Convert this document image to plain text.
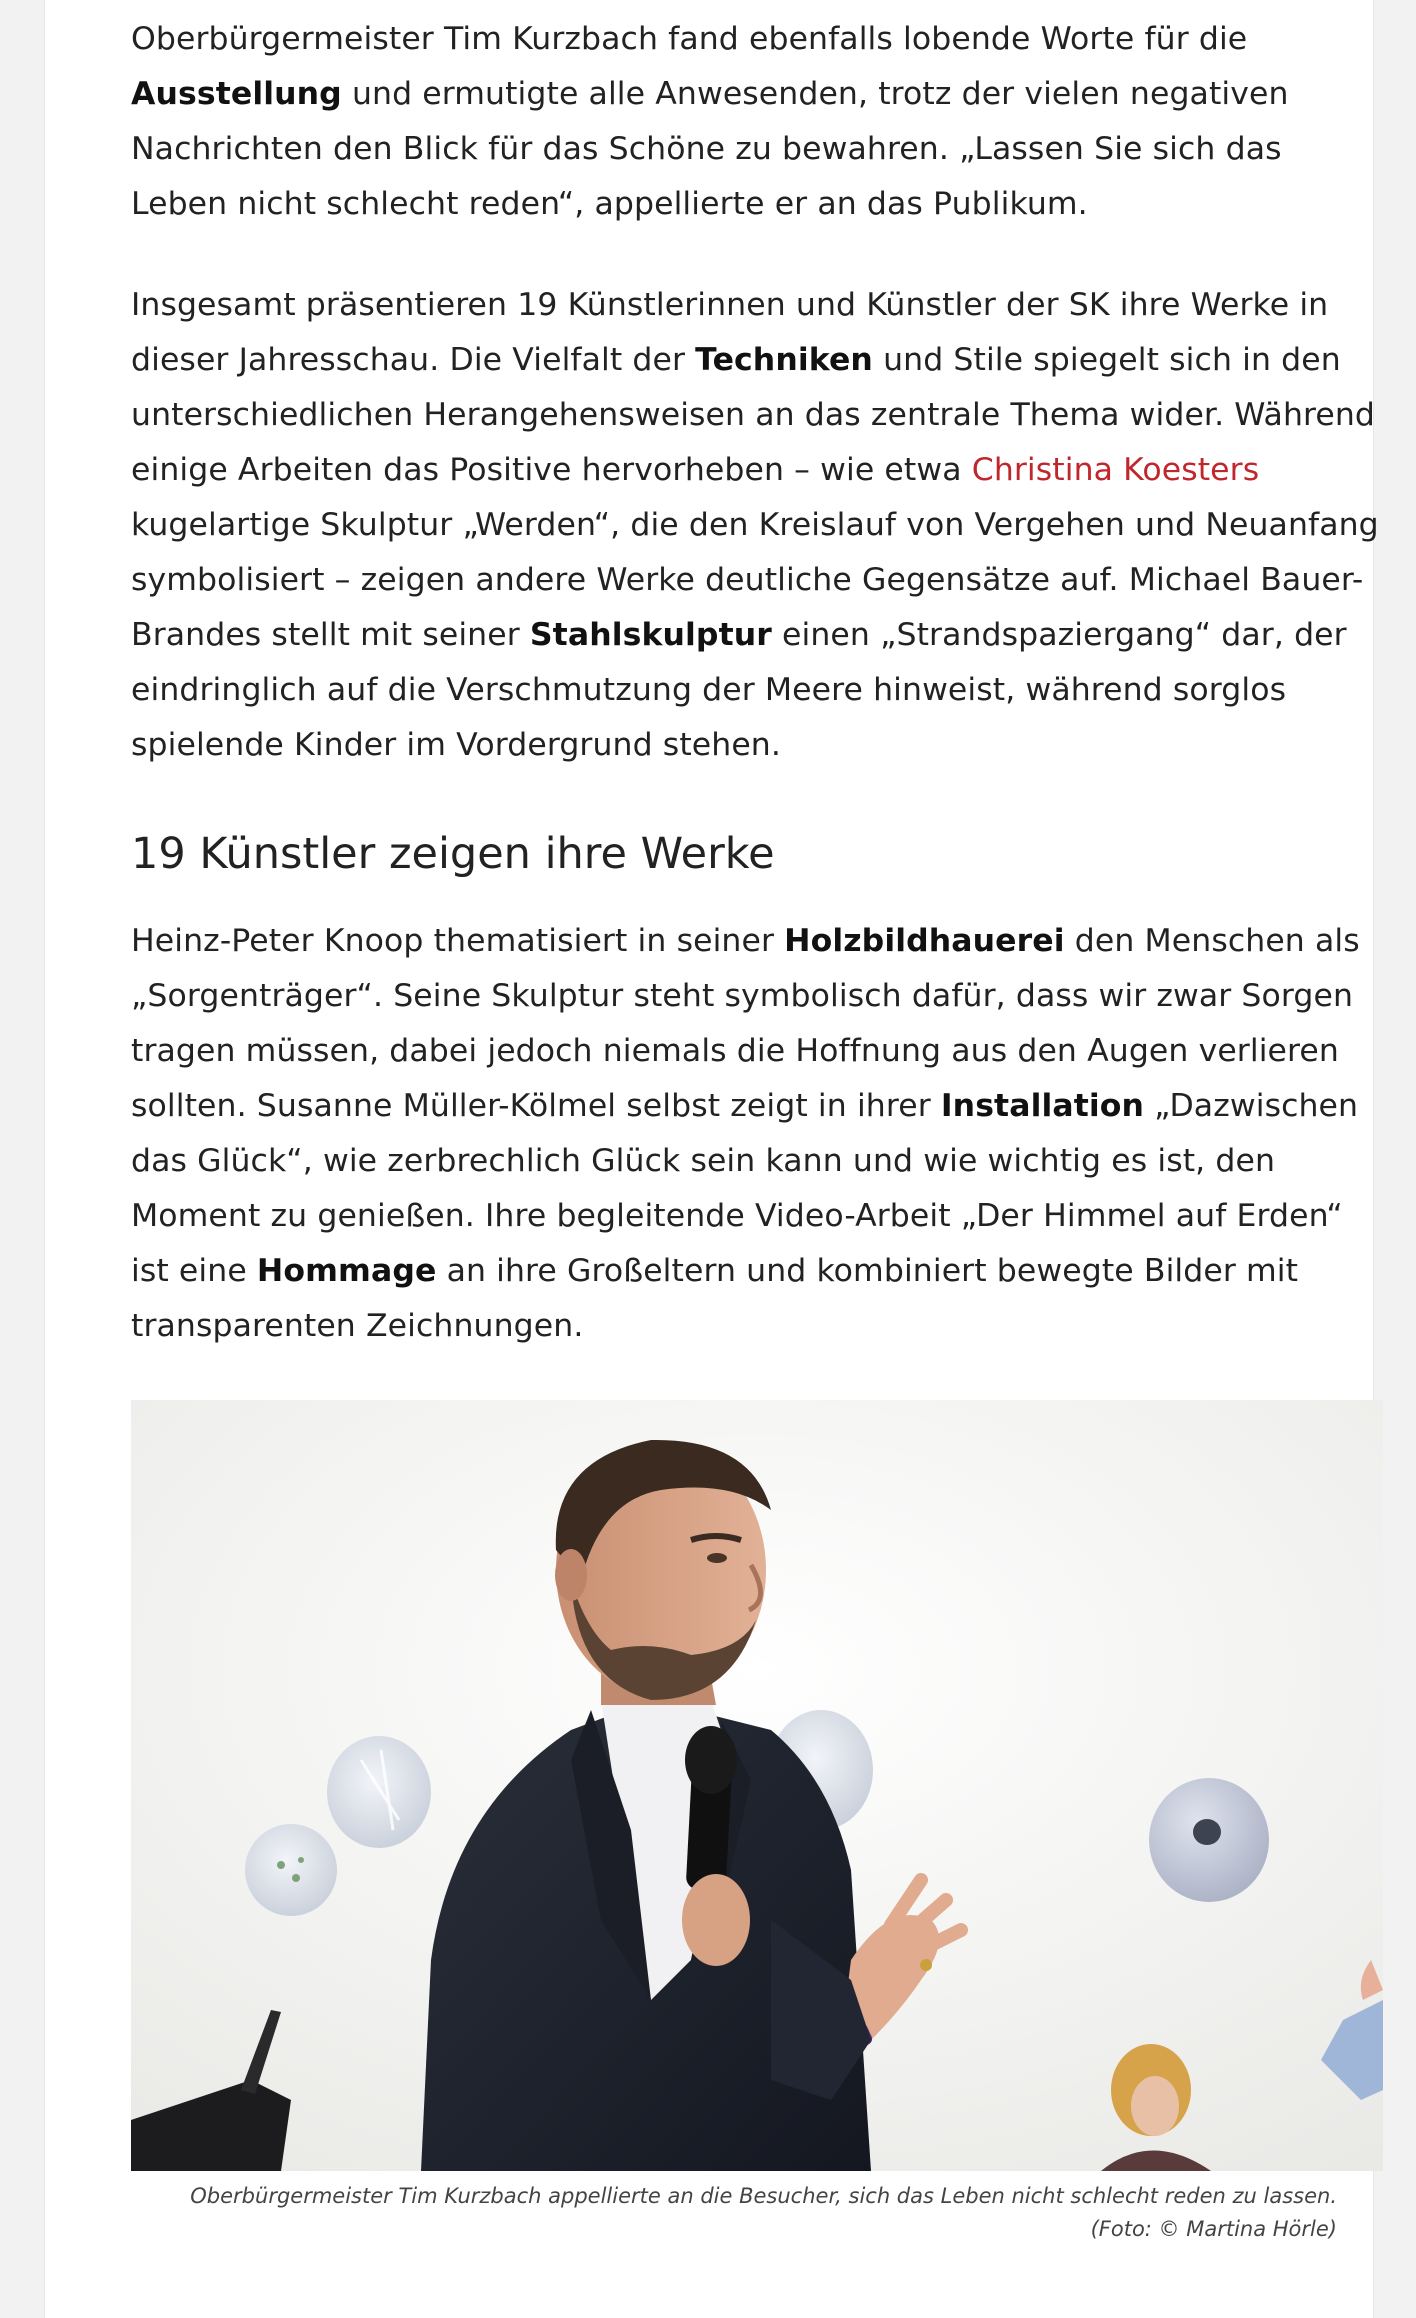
Oberbürgermeister Tim Kurzbach fand ebenfalls lobende Worte für die Ausstellung und ermutigte alle Anwesenden, trotz der vielen negativen Nachrichten den Blick für das Schöne zu bewahren. „Lassen Sie sich das Leben nicht schlecht reden“, appellierte er an das Publikum.

Insgesamt präsentieren 19 Künstlerinnen und Künstler der SK ihre Werke in dieser Jahresschau. Die Vielfalt der Techniken und Stile spiegelt sich in den unterschiedlichen Herangehensweisen an das zentrale Thema wider. Während einige Arbeiten das Positive hervorheben – wie etwa Christina Koesters kugelartige Skulptur „Werden“, die den Kreislauf von Vergehen und Neuanfang symbolisiert – zeigen andere Werke deutliche Gegensätze auf. Michael Bauer-Brandes stellt mit seiner Stahlskulptur einen „Strandspaziergang“ dar, der eindringlich auf die Verschmutzung der Meere hinweist, während sorglos spielende Kinder im Vordergrund stehen.

19 Künstler zeigen ihre Werke

Heinz-Peter Knoop thematisiert in seiner Holzbildhauerei den Menschen als „Sorgenträger“. Seine Skulptur steht symbolisch dafür, dass wir zwar Sorgen tragen müssen, dabei jedoch niemals die Hoffnung aus den Augen verlieren sollten. Susanne Müller-Kölmel selbst zeigt in ihrer Installation „Dazwischen das Glück“, wie zerbrechlich Glück sein kann und wie wichtig es ist, den Moment zu genießen. Ihre begleitende Video-Arbeit „Der Himmel auf Erden“ ist eine Hommage an ihre Großeltern und kombiniert bewegte Bilder mit transparenten Zeichnungen.

Oberbürgermeister Tim Kurzbach appellierte an die Besucher, sich das Leben nicht schlecht reden zu lassen.
(Foto: © Martina Hörle)
